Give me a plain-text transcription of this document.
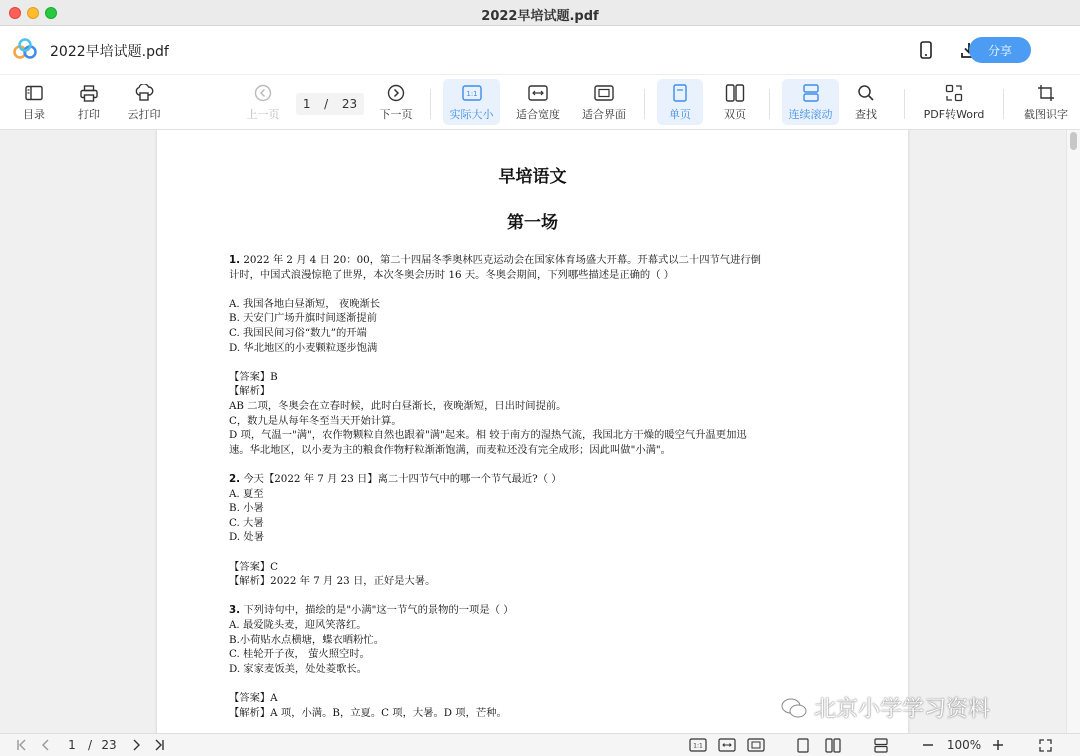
2022早培试题.pdf
2022早培试题.pdf	分享
目录	打印	云打印	上一页
1 / 23
下一页
1:1
实际大小 适合宽度 适合界面	单页	双页	连续滚动 查找	PDF转Word	截图识字
早培语文
第一场
1. 2022 年 2 月 4 日 20：00，第二十四届冬季奥林匹克运动会在国家体育场盛大开幕。开幕式以二十四节气进行倒
计时，中国式浪漫惊艳了世界，本次冬奥会历时 16 天。冬奥会期间，下列哪些描述是正确的（ ）
A. 我国各地白昼渐短， 夜晚渐长
B. 天安门广场升旗时间逐渐提前
C. 我国民间习俗“数九”的开端
D. 华北地区的小麦颗粒逐步饱满
【答案】B
【解析】
AB 二项，冬奥会在立春时候，此时白昼渐长，夜晚渐短，日出时间提前。
C，数九是从每年冬至当天开始计算。
D 项，气温一"满"，农作物颗粒自然也跟着"满"起来。相 较于南方的湿热气流，我国北方干燥的暖空气升温更加迅
速。华北地区，以小麦为主的粮食作物籽粒渐渐饱满，而麦粒还没有完全成形；因此叫做"小满"。
2. 今天【2022 年 7 月 23 日】离二十四节气中的哪一个节气最近?（ ）
A. 夏至
B. 小暑
C. 大暑
D. 处暑
【答案】C
【解析】2022 年 7 月 23 日，正好是大暑。
3. 下列诗句中，描绘的是"小满"这一节气的景物的一项是（ ）
A. 最爱陇头麦，迎风笑落红。
B.小荷贴水点横塘，蝶衣晒粉忙。
C. 桂轮开子夜， 萤火照空时。
D. 家家麦饭美，处处菱歌长。
【答案】A
【解析】A 项，小满。B，立夏。C 项，大暑。D 项，芒种。	北京小学学习资料
1	/ 23	1:1	100%
